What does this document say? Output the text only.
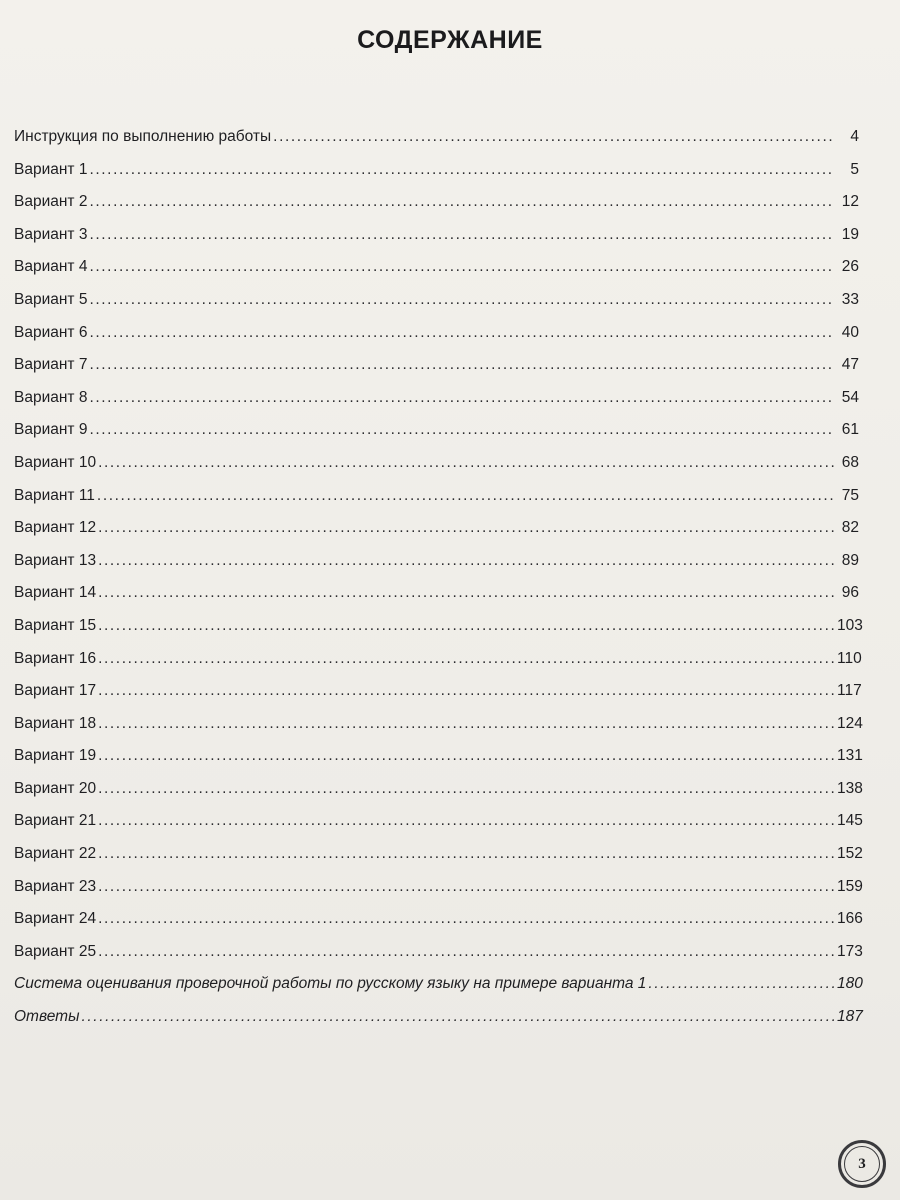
СОДЕРЖАНИЕ
Инструкция по выполнению работы .....	4
Вариант 1 .....	5
Вариант 2 .....	12
Вариант 3 .....	19
Вариант 4 .....	26
Вариант 5 .....	33
Вариант 6 .....	40
Вариант 7 .....	47
Вариант 8 .....	54
Вариант 9 .....	61
Вариант 10 .....	68
Вариант 11 .....	75
Вариант 12 .....	82
Вариант 13 .....	89
Вариант 14 .....	96
Вариант 15 .....	103
Вариант 16 .....	110
Вариант 17 .....	117
Вариант 18 .....	124
Вариант 19 .....	131
Вариант 20 .....	138
Вариант 21 .....	145
Вариант 22 .....	152
Вариант 23 .....	159
Вариант 24 .....	166
Вариант 25 .....	173
Система оценивания проверочной работы по русскому языку на примере варианта 1 .....	180
Ответы .....	187
3
